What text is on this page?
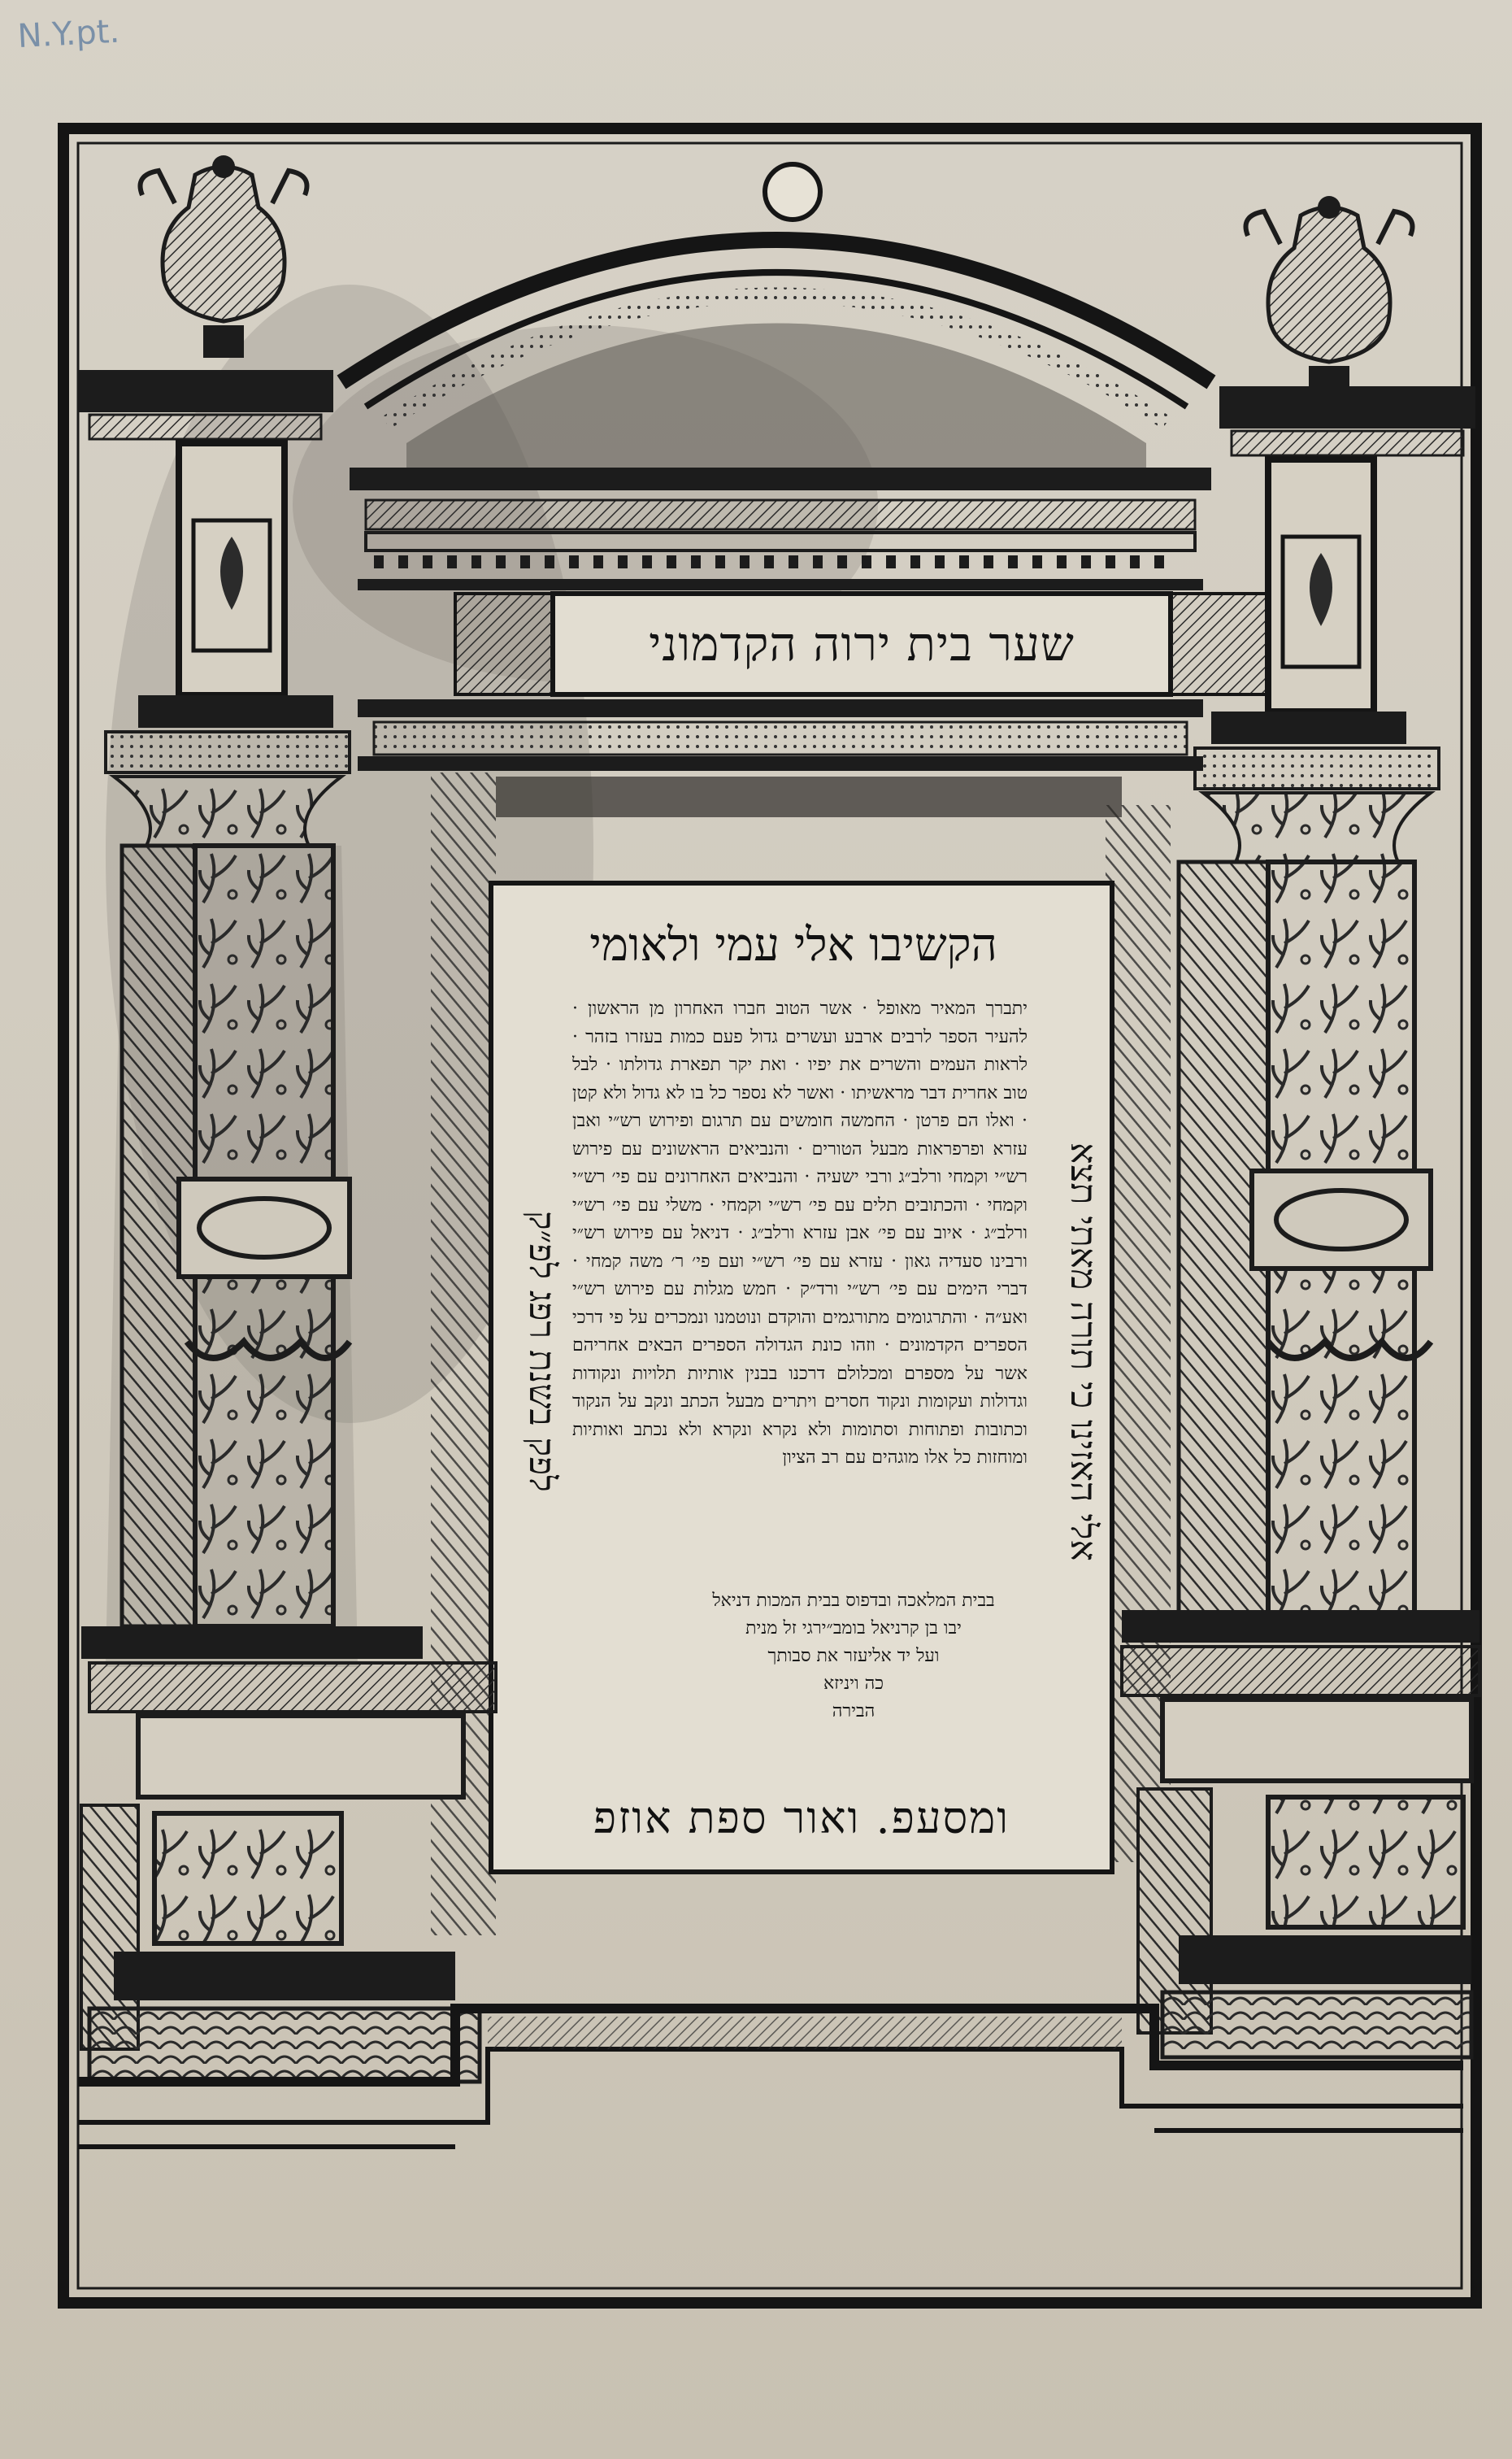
N.Y.pt.
שער בית ירוה הקדמוני
הקשיבו אלי עמי ולאומי
אלי האזינו כי תורה מאתי תצא
לפק בשנת רפג לפ״ק

יתברך המאיר מאופל · אשר הטוב חברו האחרון מן הראשון · להעיר הספר לרבים ארבע ועשרים גדול פעם כמות בעזרו בזהר · לראות העמים והשרים את יפיו · ואת יקר תפארת גדולתו · לבל טוב אחרית דבר מראשיתו · ואשר לא נספר כל בו לא גדול ולא קטן · ואלו הם פרטן · החמשה חומשים עם תרגום ופירוש רש״י ואבן עזרא ופרפראות מבעל הטורים · והנביאים הראשונים עם פירוש רש״י וקמחי ורלב״ג ורבי ישעיה · והנביאים האחרונים עם פי׳ רש״י וקמחי · והכתובים תלים עם פי׳ רש״י וקמחי · משלי עם פי׳ רש״י ורלב״ג · איוב עם פי׳ אבן עזרא ורלב״ג · דניאל עם פירוש רש״י ורבינו סעדיה גאון · עזרא עם פי׳ רש״י ועם פי׳ ר׳ משה קמחי · דברי הימים עם פי׳ רש״י ורד״ק · חמש מגלות עם פירוש רש״י ואע״ה · והתרגומים מתורגמים והוקדם ונוטמנו ונמכרים על פי דרכי הספרים הקדמונים · וזהו כונת הגדולה הספרים הבאים אחריהם אשר על מספרם ומכלולם דרכנו בבנין אותיות תלויות ונקודות וגדולות ועקומות ונקוד חסרים ויתרים מבעל הכתב ונקב על הנקוד וכתובות ופתוחות וסתומות ולא נקרא ונקרא ולא נכתב ואותיות ומוחזות כל אלו מוגהים עם רב הציון

בבית המלאכה ובדפוס בבית המכות דניאל

יבו בן קרניאל בומב״ירגי זל מנית

ועל יד אליעזר את סבותך

כה ויניזא

הבירה

ומסעפ. ואור ספת אוזפ
